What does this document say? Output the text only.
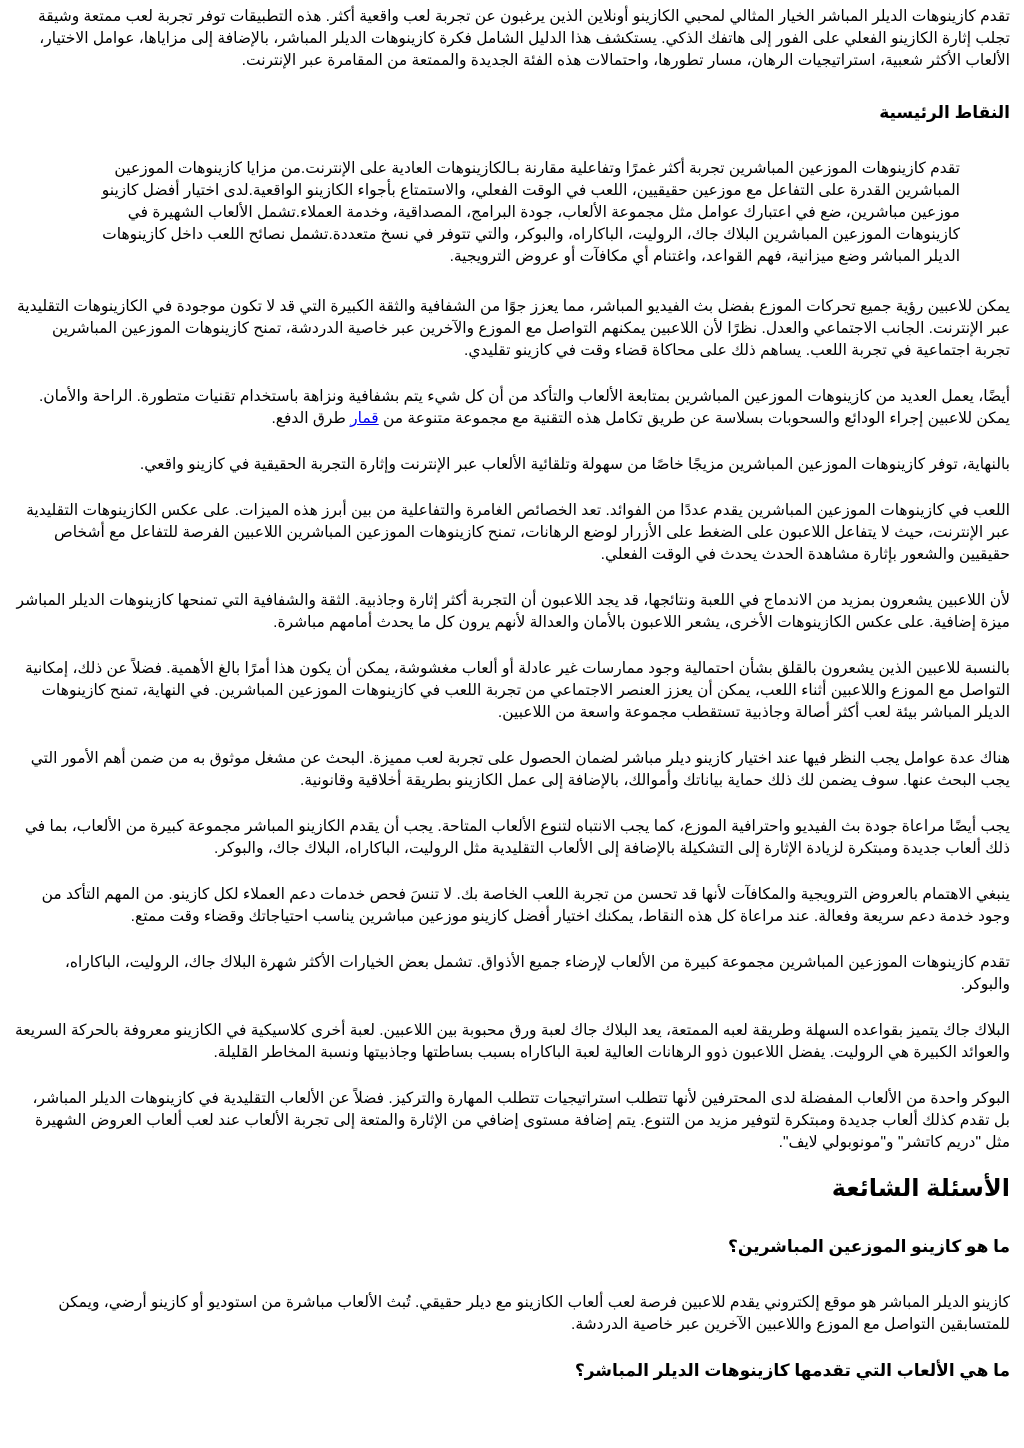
تقدم كازينوهات الديلر المباشر الخيار المثالي لمحبي الكازينو أونلاين الذين يرغبون عن تجربة لعب واقعية أكثر. هذه التطبيقات توفر تجربة لعب ممتعة وشيقة تجلب إثارة الكازينو الفعلي على الفور إلى هاتفك الذكي. يستكشف هذا الدليل الشامل فكرة كازينوهات الديلر المباشر، بالإضافة إلى مزاياها، عوامل الاختيار، الألعاب الأكثر شعبية، استراتيجيات الرهان، مسار تطورها، واحتمالات هذه الفئة الجديدة والممتعة من المقامرة عبر الإنترنت.

النقاط الرئيسية

تقدم كازينوهات الموزعين المباشرين تجربة أكثر غمرًا وتفاعلية مقارنة بـالكازينوهات العادية على الإنترنت.من مزايا كازينوهات الموزعين المباشرين القدرة على التفاعل مع موزعين حقيقيين، اللعب في الوقت الفعلي، والاستمتاع بأجواء الكازينو الواقعية.لدى اختيار أفضل كازينو موزعين مباشرين، ضع في اعتبارك عوامل مثل مجموعة الألعاب، جودة البرامج، المصداقية، وخدمة العملاء.تشمل الألعاب الشهيرة في كازينوهات الموزعين المباشرين البلاك جاك، الروليت، الباكاراه، والبوكر، والتي تتوفر في نسخ متعددة.تشمل نصائح اللعب داخل كازينوهات الديلر المباشر وضع ميزانية، فهم القواعد، واغتنام أي مكافآت أو عروض الترويجية.

يمكن للاعبين رؤية جميع تحركات الموزع بفضل بث الفيديو المباشر، مما يعزز جوًا من الشفافية والثقة الكبيرة التي قد لا تكون موجودة في الكازينوهات التقليدية عبر الإنترنت. الجانب الاجتماعي والعدل. نظرًا لأن اللاعبين يمكنهم التواصل مع الموزع والآخرين عبر خاصية الدردشة، تمنح كازينوهات الموزعين المباشرين تجربة اجتماعية في تجربة اللعب. يساهم ذلك على محاكاة قضاء وقت في كازينو تقليدي.

أيضًا، يعمل العديد من كازينوهات الموزعين المباشرين بمتابعة الألعاب والتأكد من أن كل شيء يتم بشفافية ونزاهة باستخدام تقنيات متطورة. الراحة والأمان. يمكن للاعبين إجراء الودائع والسحوبات بسلاسة عن طريق تكامل هذه التقنية مع مجموعة متنوعة من قمار طرق الدفع.

بالنهاية، توفر كازينوهات الموزعين المباشرين مزيجًا خاصًا من سهولة وتلقائية الألعاب عبر الإنترنت وإثارة التجربة الحقيقية في كازينو واقعي.

اللعب في كازينوهات الموزعين المباشرين يقدم عددًا من الفوائد. تعد الخصائص الغامرة والتفاعلية من بين أبرز هذه الميزات. على عكس الكازينوهات التقليدية عبر الإنترنت، حيث لا يتفاعل اللاعبون على الضغط على الأزرار لوضع الرهانات، تمنح كازينوهات الموزعين المباشرين اللاعبين الفرصة للتفاعل مع أشخاص حقيقيين والشعور بإثارة مشاهدة الحدث يحدث في الوقت الفعلي.

لأن اللاعبين يشعرون بمزيد من الاندماج في اللعبة ونتائجها، قد يجد اللاعبون أن التجربة أكثر إثارة وجاذبية. الثقة والشفافية التي تمنحها كازينوهات الديلر المباشر ميزة إضافية. على عكس الكازينوهات الأخرى، يشعر اللاعبون بالأمان والعدالة لأنهم يرون كل ما يحدث أمامهم مباشرة.

بالنسبة للاعبين الذين يشعرون بالقلق بشأن احتمالية وجود ممارسات غير عادلة أو ألعاب مغشوشة، يمكن أن يكون هذا أمرًا بالغ الأهمية. فضلاً عن ذلك، إمكانية التواصل مع الموزع واللاعبين أثناء اللعب، يمكن أن يعزز العنصر الاجتماعي من تجربة اللعب في كازينوهات الموزعين المباشرين. في النهاية، تمنح كازينوهات الديلر المباشر بيئة لعب أكثر أصالة وجاذبية تستقطب مجموعة واسعة من اللاعبين.

هناك عدة عوامل يجب النظر فيها عند اختيار كازينو ديلر مباشر لضمان الحصول على تجربة لعب مميزة. البحث عن مشغل موثوق به من ضمن أهم الأمور التي يجب البحث عنها. سوف يضمن لك ذلك حماية بياناتك وأموالك، بالإضافة إلى عمل الكازينو بطريقة أخلاقية وقانونية.

يجب أيضًا مراعاة جودة بث الفيديو واحترافية الموزع، كما يجب الانتباه لتنوع الألعاب المتاحة. يجب أن يقدم الكازينو المباشر مجموعة كبيرة من الألعاب، بما في ذلك ألعاب جديدة ومبتكرة لزيادة الإثارة إلى التشكيلة بالإضافة إلى الألعاب التقليدية مثل الروليت، الباكاراه، البلاك جاك، والبوكر.

ينبغي الاهتمام بالعروض الترويجية والمكافآت لأنها قد تحسن من تجربة اللعب الخاصة بك. لا تنسَ فحص خدمات دعم العملاء لكل كازينو. من المهم التأكد من وجود خدمة دعم سريعة وفعالة. عند مراعاة كل هذه النقاط، يمكنك اختيار أفضل كازينو موزعين مباشرين يناسب احتياجاتك وقضاء وقت ممتع.

تقدم كازينوهات الموزعين المباشرين مجموعة كبيرة من الألعاب لإرضاء جميع الأذواق. تشمل بعض الخيارات الأكثر شهرة البلاك جاك، الروليت، الباكاراه، والبوكر.

البلاك جاك يتميز بقواعده السهلة وطريقة لعبه الممتعة، يعد البلاك جاك لعبة ورق محبوبة بين اللاعبين. لعبة أخرى كلاسيكية في الكازينو معروفة بالحركة السريعة والعوائد الكبيرة هي الروليت. يفضل اللاعبون ذوو الرهانات العالية لعبة الباكاراه بسبب بساطتها وجاذبيتها ونسبة المخاطر القليلة.

البوكر واحدة من الألعاب المفضلة لدى المحترفين لأنها تتطلب استراتيجيات تتطلب المهارة والتركيز. فضلاً عن الألعاب التقليدية في كازينوهات الديلر المباشر، بل تقدم كذلك ألعاب جديدة ومبتكرة لتوفير مزيد من التنوع. يتم إضافة مستوى إضافي من الإثارة والمتعة إلى تجربة الألعاب عند لعب ألعاب العروض الشهيرة مثل "دريم كاتشر" و"مونوبولي لايف".

الأسئلة الشائعة
ما هو كازينو الموزعين المباشرين؟

كازينو الديلر المباشر هو موقع إلكتروني يقدم للاعبين فرصة لعب ألعاب الكازينو مع ديلر حقيقي. تُبث الألعاب مباشرة من استوديو أو كازينو أرضي، ويمكن للمتسابقين التواصل مع الموزع واللاعبين الآخرين عبر خاصية الدردشة.

ما هي الألعاب التي تقدمها كازينوهات الديلر المباشر؟
